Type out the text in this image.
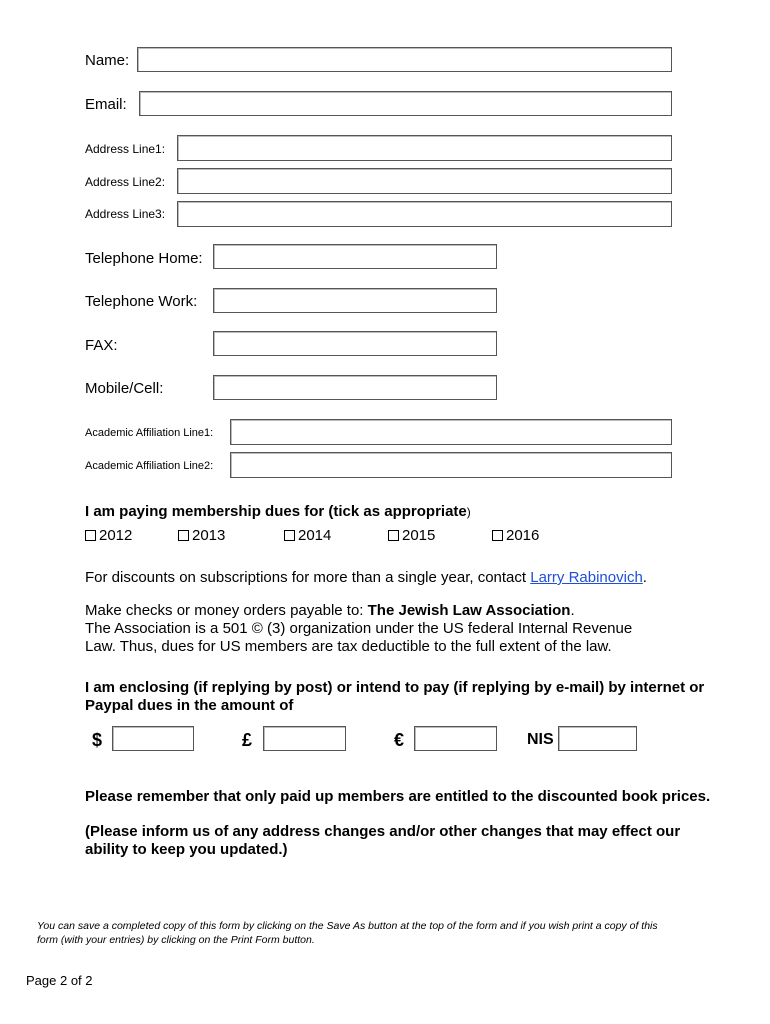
Name:
Email:
Address Line1:
Address Line2:
Address Line3:
Telephone Home:
Telephone Work:
FAX:
Mobile/Cell:
Academic Affiliation Line1:
Academic Affiliation Line2:
I am paying membership dues for (tick as appropriate)
2012	2013	2014	2015	2016
For discounts on subscriptions for more than a single year, contact Larry Rabinovich.
Make checks or money orders payable to: The Jewish Law Association.
The Association is a 501 © (3) organization under the US federal Internal Revenue
Law. Thus, dues for US members are tax deductible to the full extent of the law.
I am enclosing (if replying by post) or intend to pay (if replying by e-mail) by internet or
Paypal dues in the amount of
$	£	€	NIS
Please remember that only paid up members are entitled to the discounted book prices.
(Please inform us of any address changes and/or other changes that may effect our
ability to keep you updated.)
You can save a completed copy of this form by clicking on the Save As button at the top of the form and if you wish print a copy of this
form (with your entries) by clicking on the Print Form button.
Page 2 of 2
